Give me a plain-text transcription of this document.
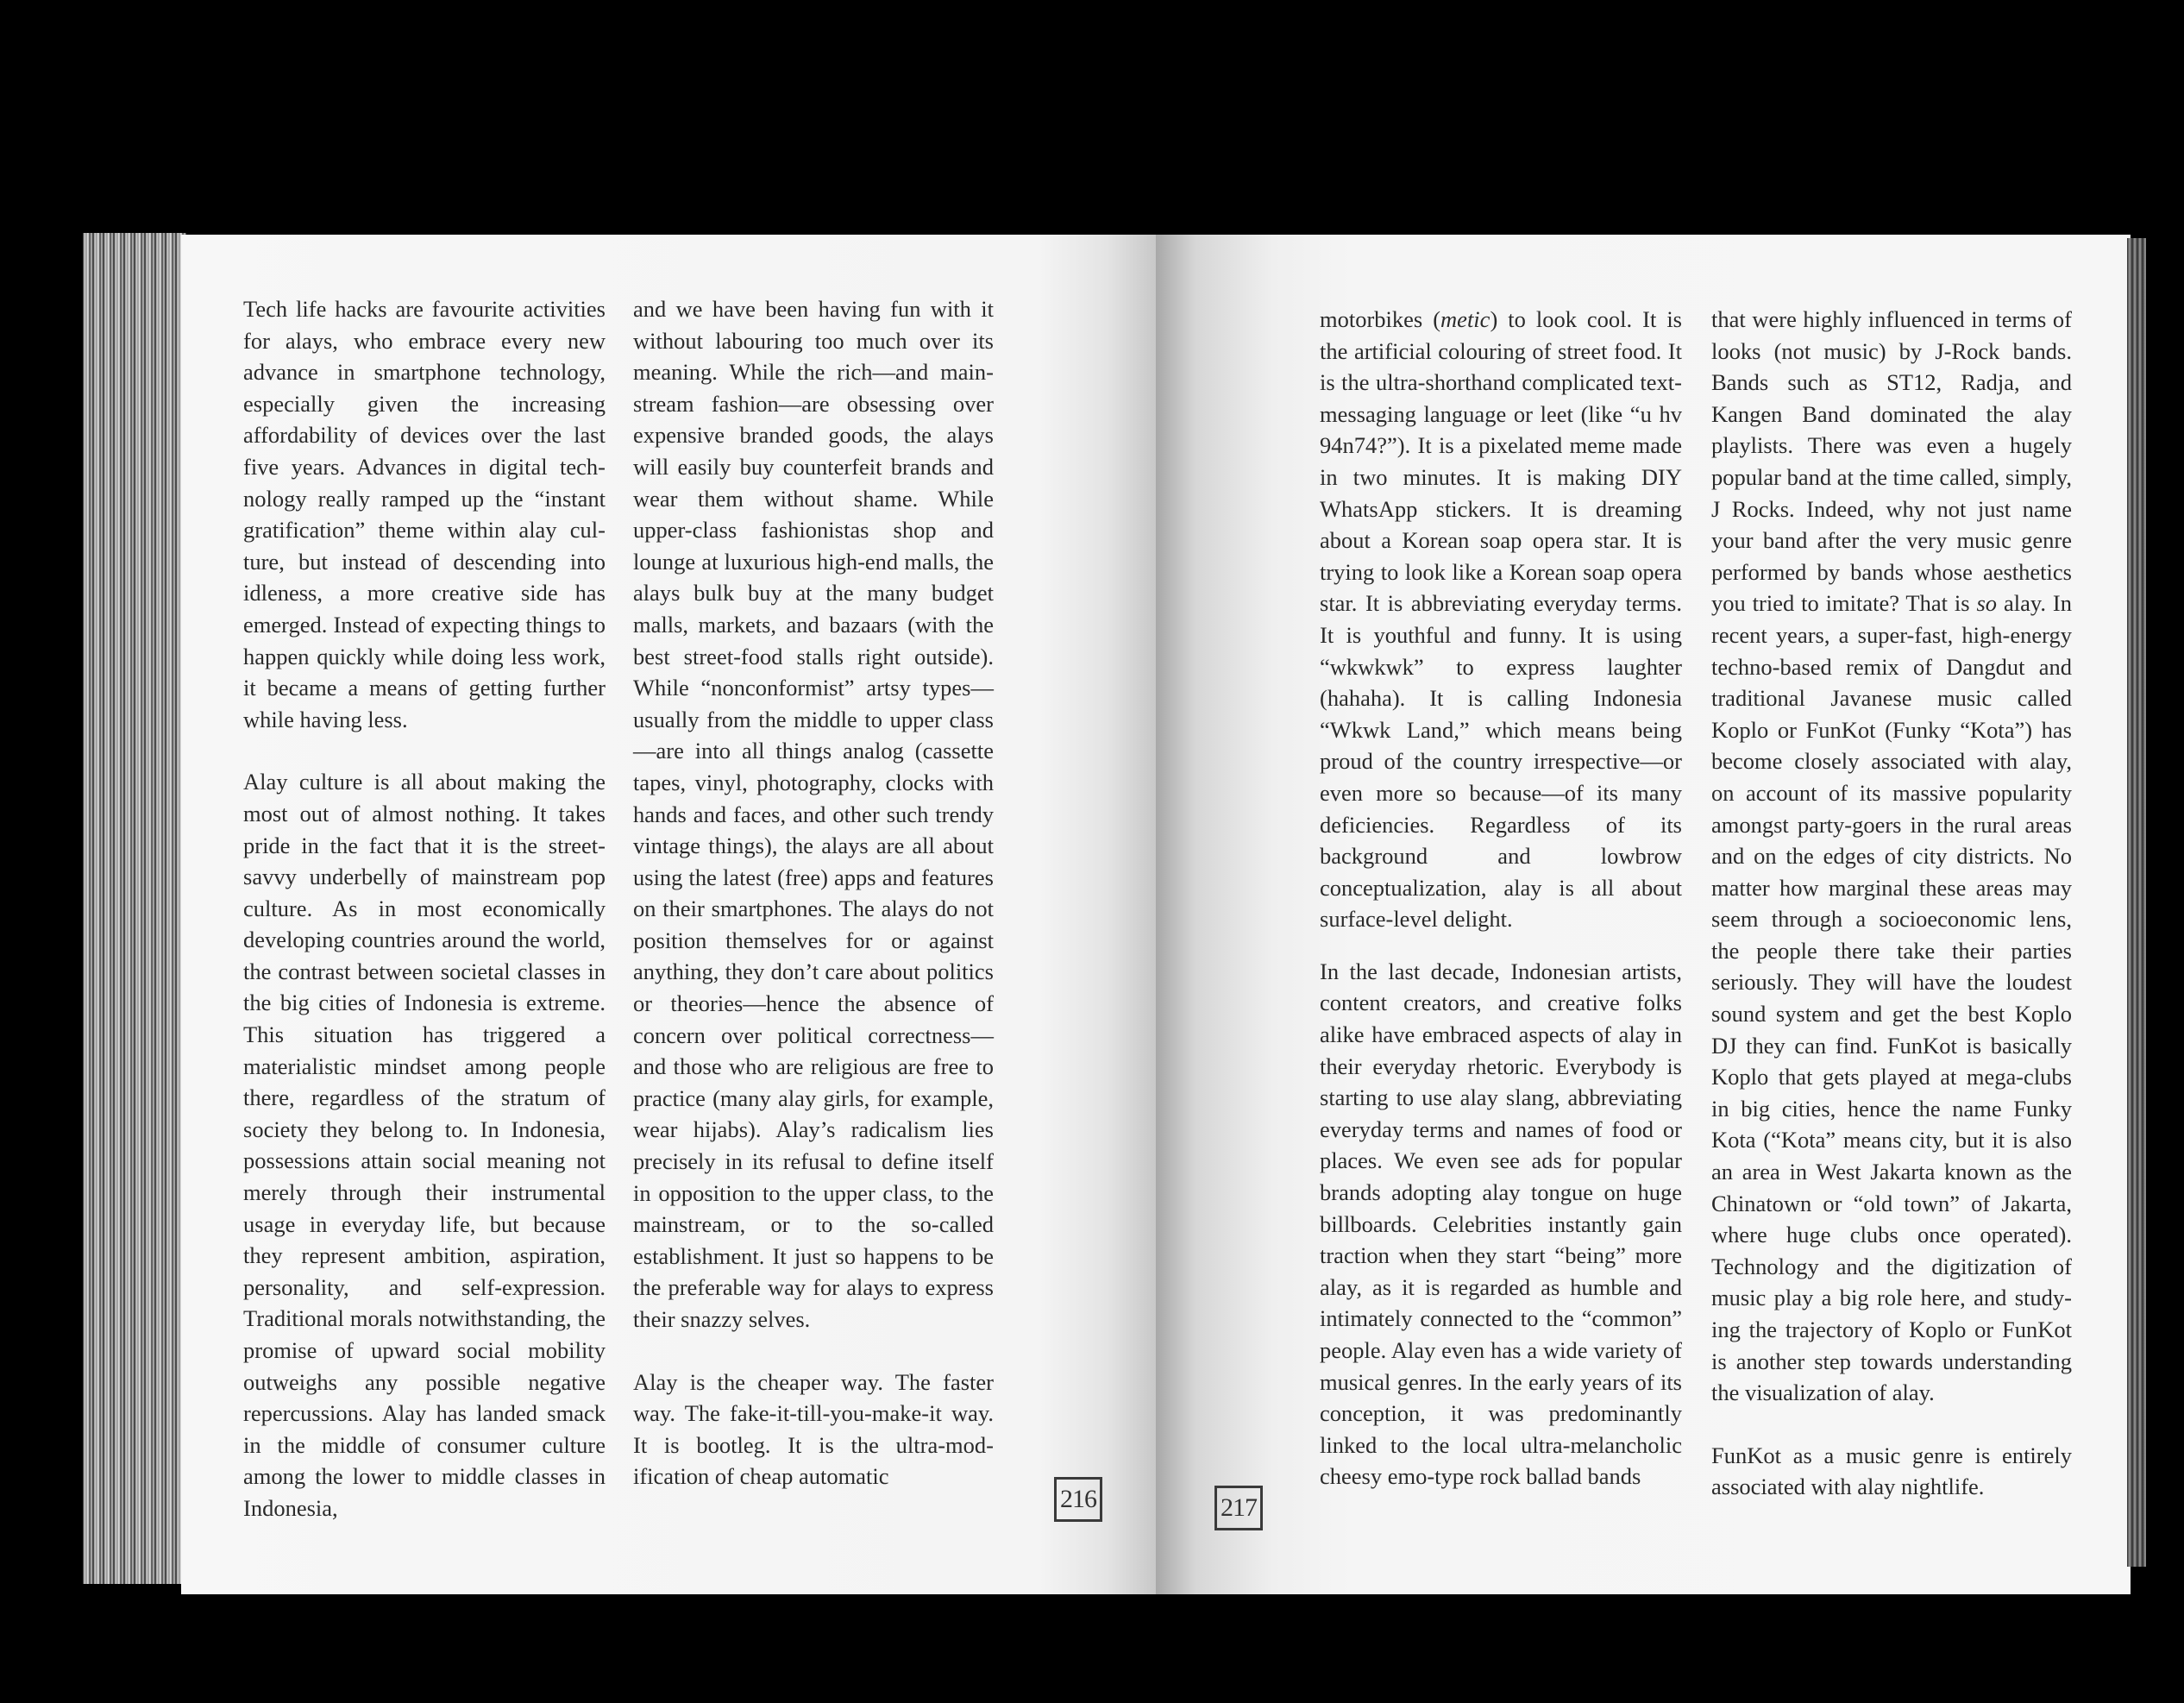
Tech life hacks are favourite activities for alays, who embrace every new advance in smartphone technology, especially given the increasing affordability of devices over the last five years. Advances in digital technology really ramped up the “instant gratification” theme within alay culture, but instead of descending into idleness, a more creative side has emerged. Instead of expecting things to happen quickly while doing less work, it became a means of getting further while having less.

Alay culture is all about making the most out of almost nothing. It takes pride in the fact that it is the street-savvy underbelly of mainstream pop culture. As in most economically developing countries around the world, the contrast between societal classes in the big cities of Indonesia is extreme. This situation has triggered a materialistic mindset among people there, regardless of the stratum of society they belong to. In Indonesia, possessions attain social meaning not merely through their instrumental usage in everyday life, but because they represent ambition, aspiration, personality, and self-expression. Traditional morals notwithstanding, the promise of upward social mobility outweighs any possible negative repercussions. Alay has landed smack in the middle of consumer culture among the lower to middle classes in Indonesia,

and we have been having fun with it without labouring too much over its meaning. While the rich—and mainstream fashion—are obsessing over expensive branded goods, the alays will easily buy counterfeit brands and wear them without shame. While upper-class fashionistas shop and lounge at luxurious high-end malls, the alays bulk buy at the many budget malls, markets, and bazaars (with the best street-food stalls right outside). While “nonconformist” artsy types—usually from the middle to upper class—are into all things analog (cassette tapes, vinyl, photography, clocks with hands and faces, and other such trendy vintage things), the alays are all about using the latest (free) apps and features on their smartphones. The alays do not position themselves for or against anything, they don’t care about politics or theories—hence the absence of concern over political correctness—and those who are religious are free to practice (many alay girls, for example, wear hijabs). Alay’s radicalism lies precisely in its refusal to define itself in opposition to the upper class, to the mainstream, or to the so-called establishment. It just so happens to be the preferable way for alays to express their snazzy selves.

Alay is the cheaper way. The faster way. The fake-it-till-you-make-it way. It is bootleg. It is the ultra-modification of cheap automatic

motorbikes (metic) to look cool. It is the artificial colouring of street food. It is the ultra-shorthand complicated text-messaging language or leet (like “u hv 94n74?”). It is a pixelated meme made in two minutes. It is making DIY WhatsApp stickers. It is dreaming about a Korean soap opera star. It is trying to look like a Korean soap opera star. It is abbreviating everyday terms. It is youthful and funny. It is using “wkwkwk” to express laughter (hahaha). It is calling Indonesia “Wkwk Land,” which means being proud of the country irrespective—or even more so because—of its many deficiencies. Regardless of its background and lowbrow conceptualization, alay is all about surface-level delight.

In the last decade, Indonesian artists, content creators, and creative folks alike have embraced aspects of alay in their everyday rhetoric. Everybody is starting to use alay slang, abbreviating everyday terms and names of food or places. We even see ads for popular brands adopting alay tongue on huge billboards. Celebrities instantly gain traction when they start “being” more alay, as it is regarded as humble and intimately connected to the “common” people. Alay even has a wide variety of musical genres. In the early years of its conception, it was predominantly linked to the local ultra-melancholic cheesy emo-type rock ballad bands

that were highly influenced in terms of looks (not music) by J-Rock bands. Bands such as ST12, Radja, and Kangen Band dominated the alay playlists. There was even a hugely popular band at the time called, simply, J Rocks. Indeed, why not just name your band after the very music genre performed by bands whose aesthetics you tried to imitate? That is so alay. In recent years, a super-fast, high-energy techno-based remix of Dangdut and traditional Javanese music called Koplo or FunKot (Funky “Kota”) has become closely associated with alay, on account of its massive popularity amongst party-goers in the rural areas and on the edges of city districts. No matter how marginal these areas may seem through a socioeconomic lens, the people there take their parties seriously. They will have the loudest sound system and get the best Koplo DJ they can find. FunKot is basically Koplo that gets played at mega-clubs in big cities, hence the name Funky Kota (“Kota” means city, but it is also an area in West Jakarta known as the Chinatown or “old town” of Jakarta, where huge clubs once operated). Technology and the digitization of music play a big role here, and studying the trajectory of Koplo or FunKot is another step towards understanding the visualization of alay.

FunKot as a music genre is entirely associated with alay nightlife.

216	217
